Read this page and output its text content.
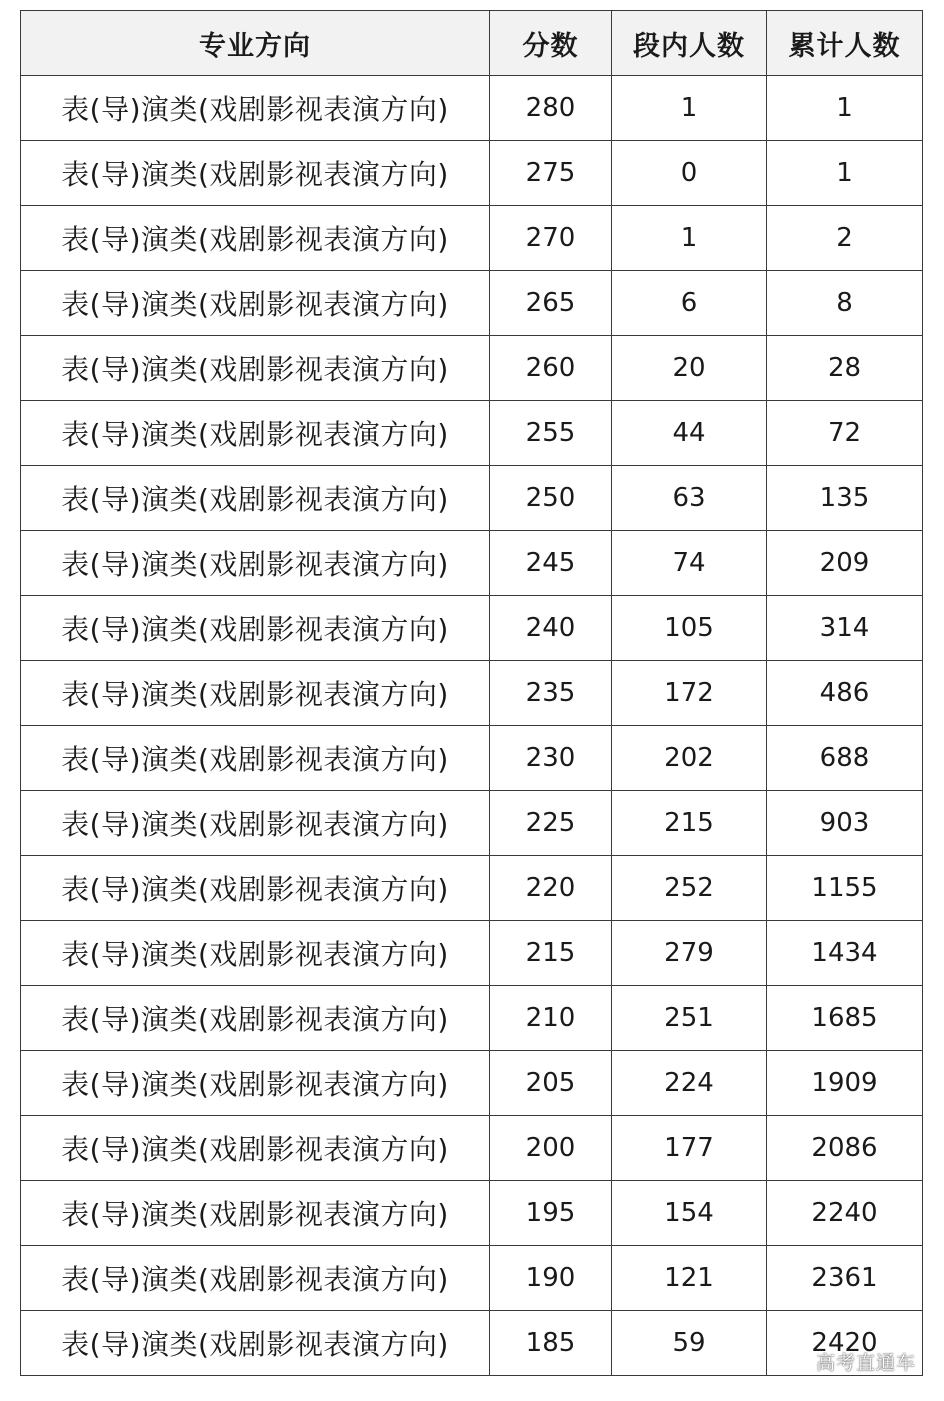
专业方向	分数	段内人数	累计人数
表(导)演类(戏剧影视表演方向)	280	1	1
表(导)演类(戏剧影视表演方向)	275	0	1
表(导)演类(戏剧影视表演方向)	270	1	2
表(导)演类(戏剧影视表演方向)	265	6	8
表(导)演类(戏剧影视表演方向)	260	20	28
表(导)演类(戏剧影视表演方向)	255	44	72
表(导)演类(戏剧影视表演方向)	250	63	135
表(导)演类(戏剧影视表演方向)	245	74	209
表(导)演类(戏剧影视表演方向)	240	105	314
表(导)演类(戏剧影视表演方向)	235	172	486
表(导)演类(戏剧影视表演方向)	230	202	688
表(导)演类(戏剧影视表演方向)	225	215	903
表(导)演类(戏剧影视表演方向)	220	252	1155
表(导)演类(戏剧影视表演方向)	215	279	1434
表(导)演类(戏剧影视表演方向)	210	251	1685
表(导)演类(戏剧影视表演方向)	205	224	1909
表(导)演类(戏剧影视表演方向)	200	177	2086
表(导)演类(戏剧影视表演方向)	195	154	2240
表(导)演类(戏剧影视表演方向)	190	121	2361
表(导)演类(戏剧影视表演方向)	185	59	2420
高考直通车
